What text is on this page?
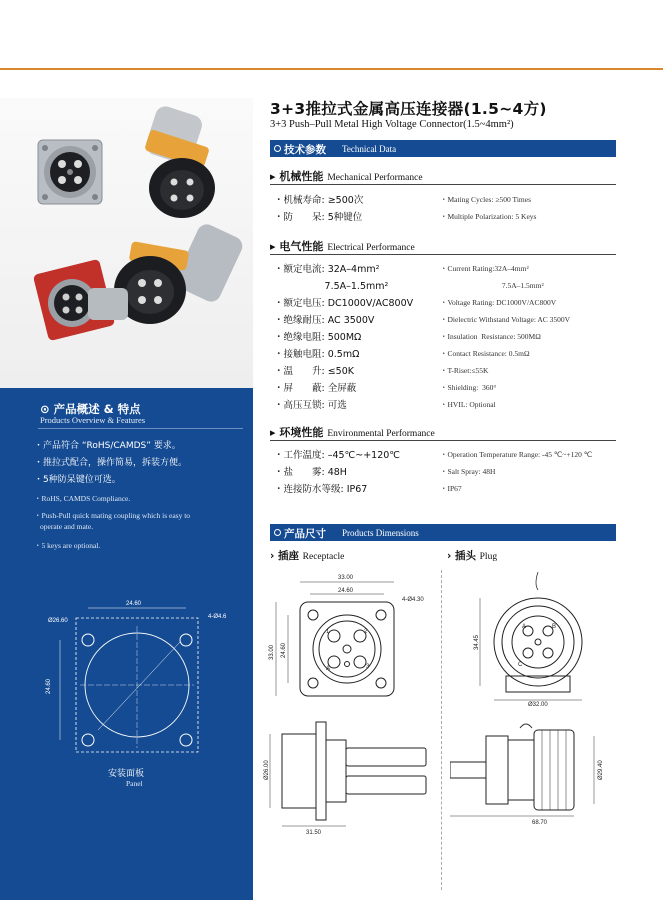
⊙ 产品概述 & 特点
Products Overview & Features
・产品符合 “RoHS/CAMDS” 要求。
・推拉式配合，操作简易，拆装方便。
・5种防呆键位可选。
・RoHS, CAMDS Compliance.
・Push-Pull quick mating coupling which is easy to
operate and mate.
・5 keys are optional.
24.60
Ø26.60
4-Ø4.6
24.60
安装面板
Panel
3+3推拉式金属高压连接器(1.5~4方)
3+3 Push–Pull Metal High Voltage Connector(1.5~4mm²)
技术参数 Technical Data
▸ 机械性能 Mechanical Performance
・机械寿命: ≥500次	・Mating Cycles: ≥500 Times
・防　　呆: 5种键位	・Multiple Polarization: 5 Keys
▸ 电气性能 Electrical Performance
・额定电流: 32A–4mm²	・Current Rating:32A–4mm²
　　　　　 7.5A–1.5mm²	　　　　　　　　 7.5A–1.5mm²
・额定电压: DC1000V/AC800V	・Voltage Rating: DC1000V/AC800V
・绝缘耐压: AC 3500V	・Dielectric Withstand Voltage: AC 3500V
・绝缘电阻: 500MΩ	・Insulation  Resistance: 500MΩ
・接触电阻: 0.5mΩ	・Contact Resistance: 0.5mΩ
・温　　升: ≤50K	・T-Riset:≤55K
・屏　　蔽: 全屏蔽	・Shielding:  360°
・高压互锁: 可选	・HVIL: Optional
▸ 环境性能 Environmental Performance
・工作温度: –45℃~+120℃	・Operation Temperature Range: -45 ℃~+120 ℃
・盐　　雾: 48H	・Salt Spray: 48H
・连接防水等级: IP67	・IP67
产品尺寸 Products Dimensions
› 插座 Receptacle	› 插头 Plug
33.00
24.60
4-Ø4.30
33.00 24.60
1	2
3
A
Ø26.00
31.50
34.45
Ø32.00
A	B
C
Ø29.40
68.70
